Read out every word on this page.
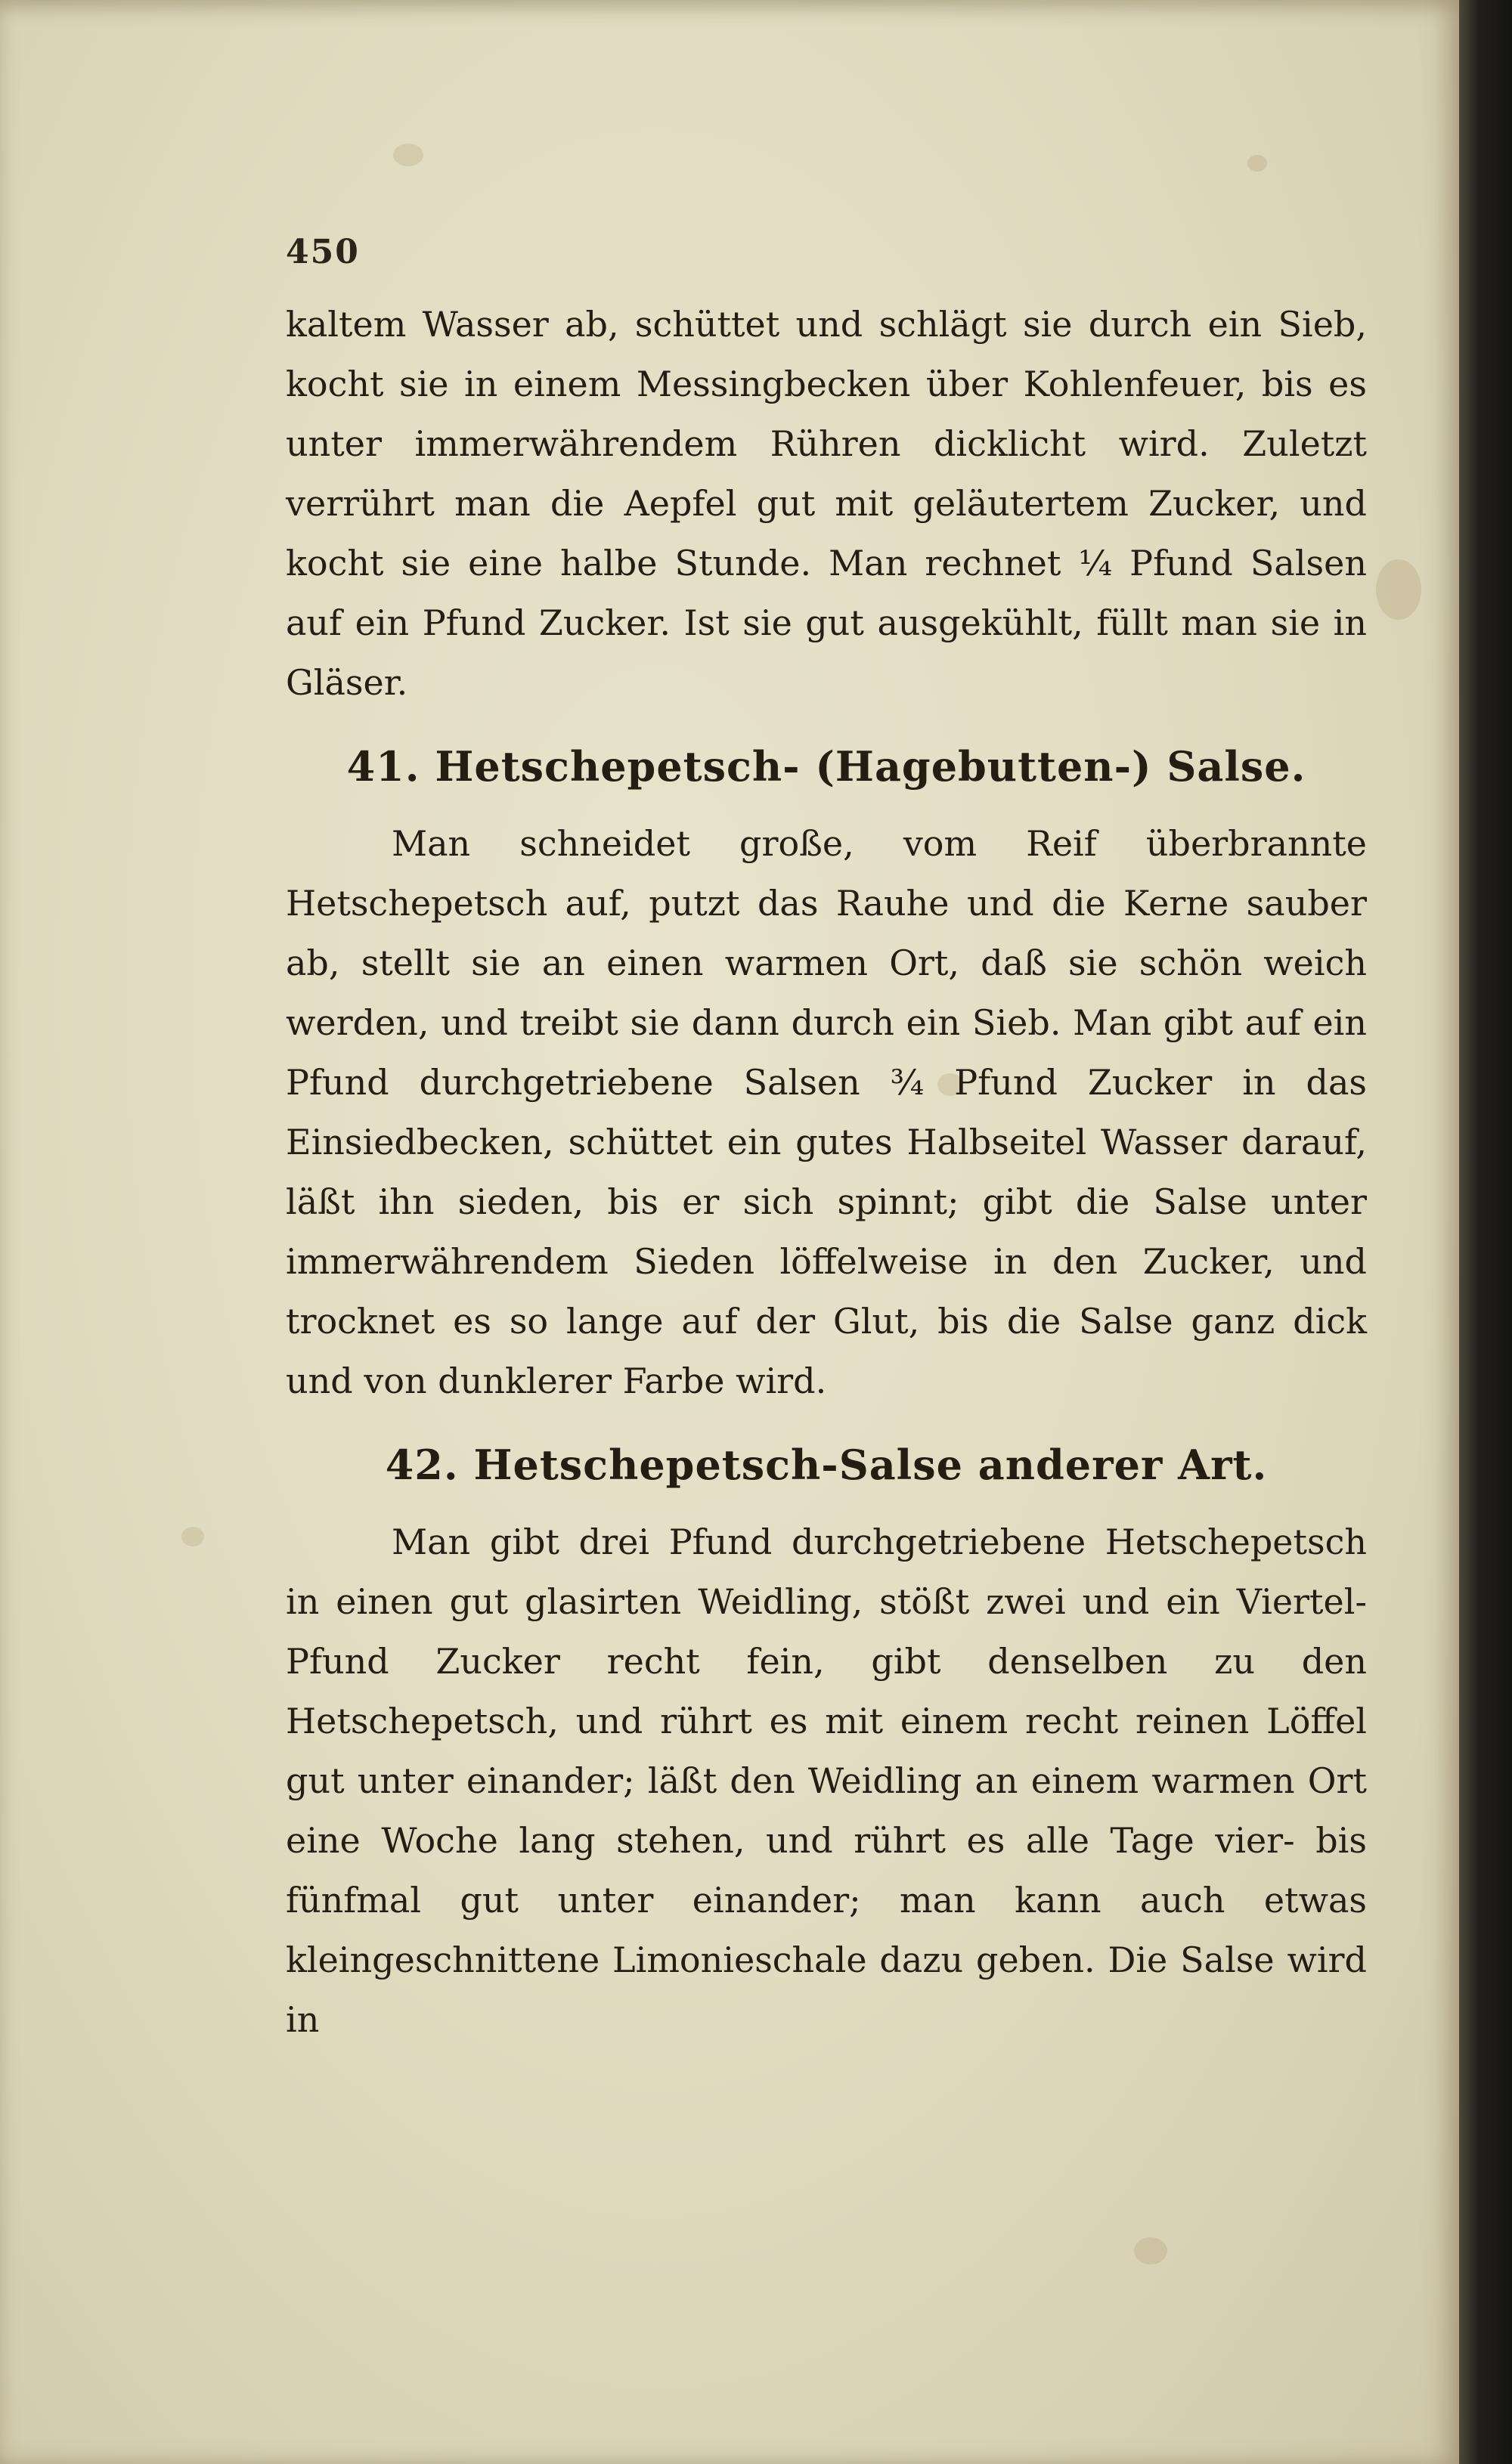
450

kaltem Wasser ab, schüttet und schlägt sie durch ein Sieb, kocht sie in einem Messingbecken über Kohlenfeuer, bis es unter immerwährendem Rühren dicklicht wird. Zuletzt verrührt man die Aepfel gut mit geläutertem Zucker, und kocht sie eine halbe Stunde. Man rechnet ¼ Pfund Salsen auf ein Pfund Zucker. Ist sie gut ausgekühlt, füllt man sie in Gläser.

41. Hetschepetsch- (Hagebutten-) Salse.

Man schneidet große, vom Reif überbrannte Hetschepetsch auf, putzt das Rauhe und die Kerne sauber ab, stellt sie an einen warmen Ort, daß sie schön weich werden, und treibt sie dann durch ein Sieb. Man gibt auf ein Pfund durchgetriebene Salsen ¾ Pfund Zucker in das Einsiedbecken, schüttet ein gutes Halbseitel Wasser darauf, läßt ihn sieden, bis er sich spinnt; gibt die Salse unter immerwährendem Sieden löffelweise in den Zucker, und trocknet es so lange auf der Glut, bis die Salse ganz dick und von dunklerer Farbe wird.

42. Hetschepetsch-Salse anderer Art.

Man gibt drei Pfund durchgetriebene Hetschepetsch in einen gut glasirten Weidling, stößt zwei und ein Viertel-Pfund Zucker recht fein, gibt denselben zu den Hetschepetsch, und rührt es mit einem recht reinen Löffel gut unter einander; läßt den Weidling an einem warmen Ort eine Woche lang stehen, und rührt es alle Tage vier- bis fünfmal gut unter einander; man kann auch etwas kleingeschnittene Limonieschale dazu geben. Die Salse wird in
